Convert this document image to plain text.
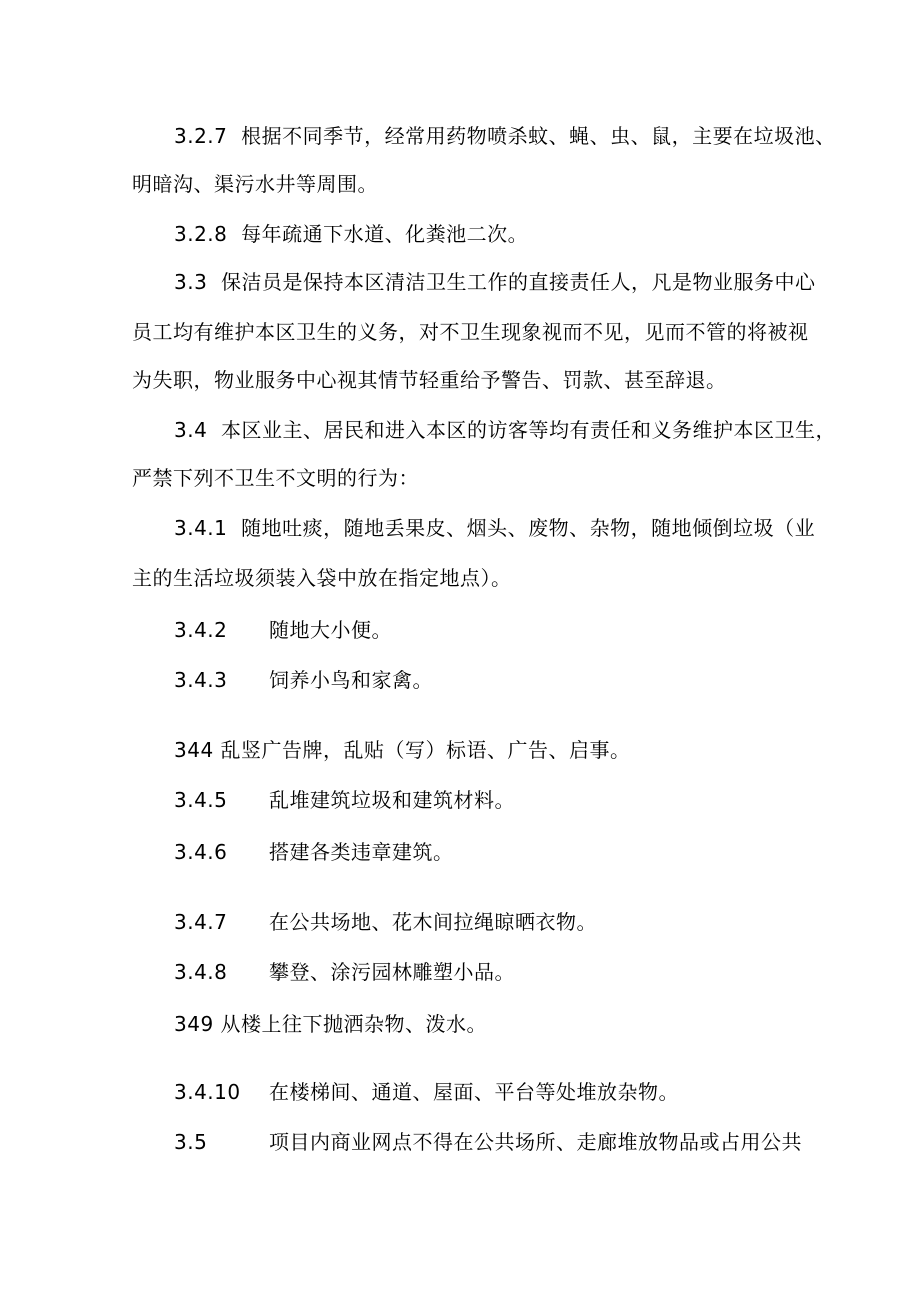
3.2.7 根据不同季节，经常用药物喷杀蚊、蝇、虫、鼠，主要在垃圾池、
明暗沟、渠污水井等周围。
3.2.8 每年疏通下水道、化粪池二次。
3.3 保洁员是保持本区清洁卫生工作的直接责任人，凡是物业服务中心
员工均有维护本区卫生的义务，对不卫生现象视而不见，见而不管的将被视
为失职，物业服务中心视其情节轻重给予警告、罚款、甚至辞退。
3.4 本区业主、居民和进入本区的访客等均有责任和义务维护本区卫生，
严禁下列不卫生不文明的行为：
3.4.1 随地吐痰，随地丢果皮、烟头、废物、杂物，随地倾倒垃圾（业
主的生活垃圾须装入袋中放在指定地点）。
3.4.2 随地大小便。
3.4.3 饲养小鸟和家禽。
344 乱竖广告牌，乱贴（写）标语、广告、启事。
3.4.5 乱堆建筑垃圾和建筑材料。
3.4.6 搭建各类违章建筑。
3.4.7 在公共场地、花木间拉绳晾晒衣物。
3.4.8 攀登、涂污园林雕塑小品。
349 从楼上往下抛洒杂物、泼水。
3.4.10 在楼梯间、通道、屋面、平台等处堆放杂物。
3.5	项目内商业网点不得在公共场所、走廊堆放物品或占用公共
